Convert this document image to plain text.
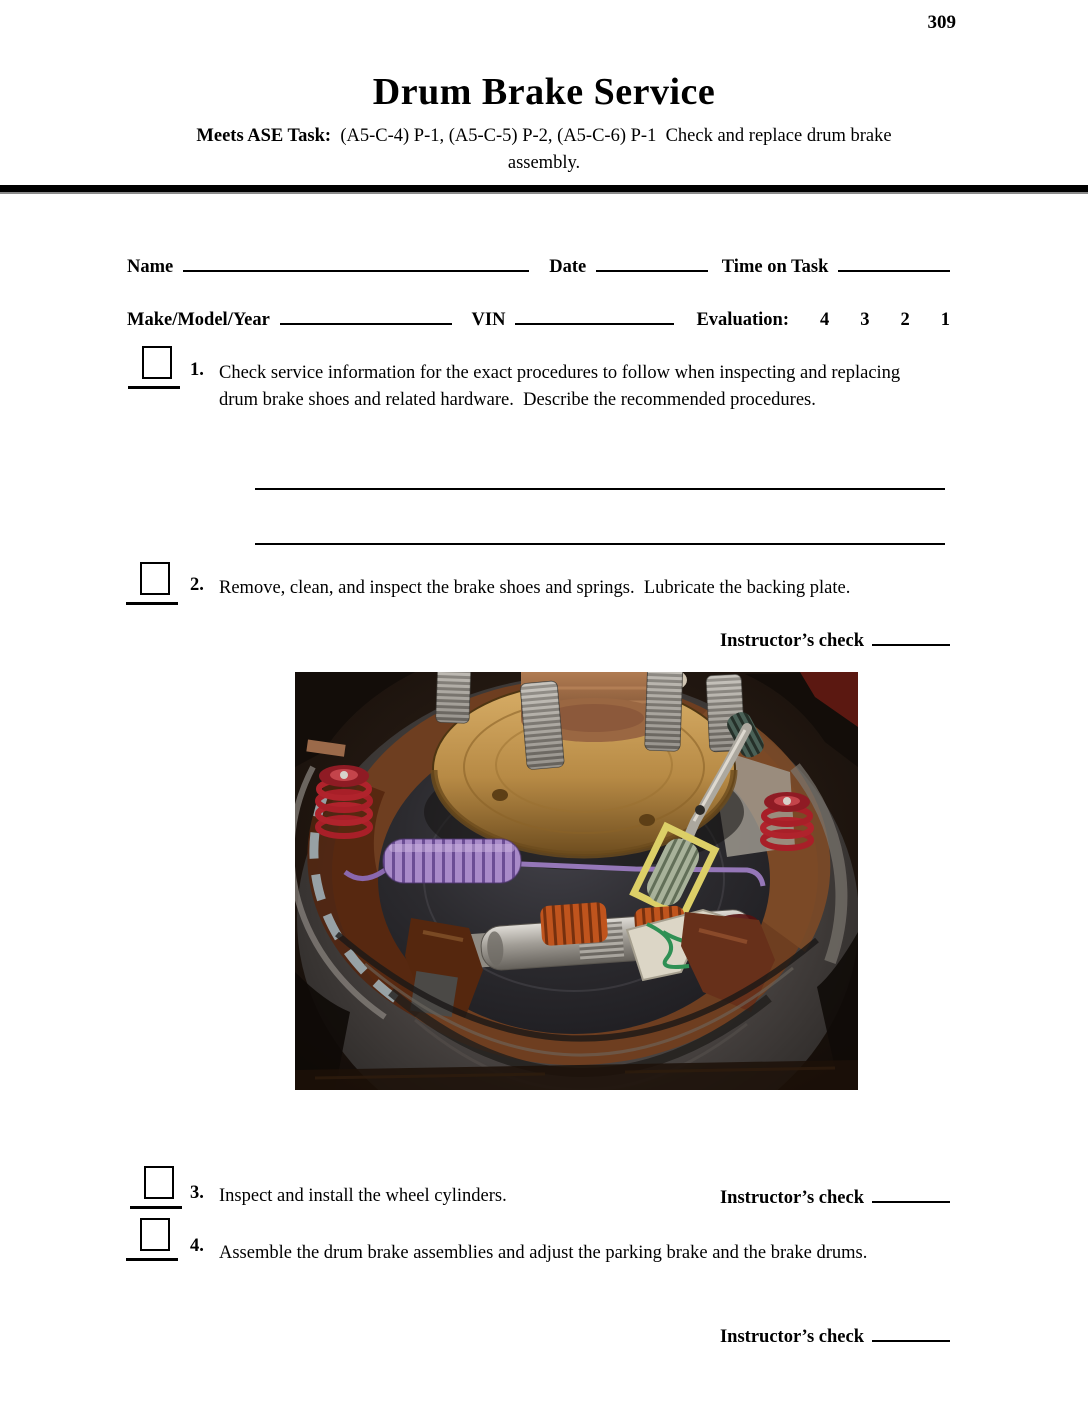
309
Drum Brake Service
Meets ASE Task:  (A5-C-4) P-1, (A5-C-5) P-2, (A5-C-6) P-1  Check and replace drum brake
assembly.
Name	Date	Time on Task
Make/Model/Year	VIN	Evaluation: 4 3 2 1
1. Check service information for the exact procedures to follow when inspecting and replacing drum brake shoes and related hardware.  Describe the recommended procedures.
2. Remove, clean, and inspect the brake shoes and springs.  Lubricate the backing plate.
Instructor’s check
3. Inspect and install the wheel cylinders.	Instructor’s check
4. Assemble the drum brake assemblies and adjust the parking brake and the brake drums.
Instructor’s check
